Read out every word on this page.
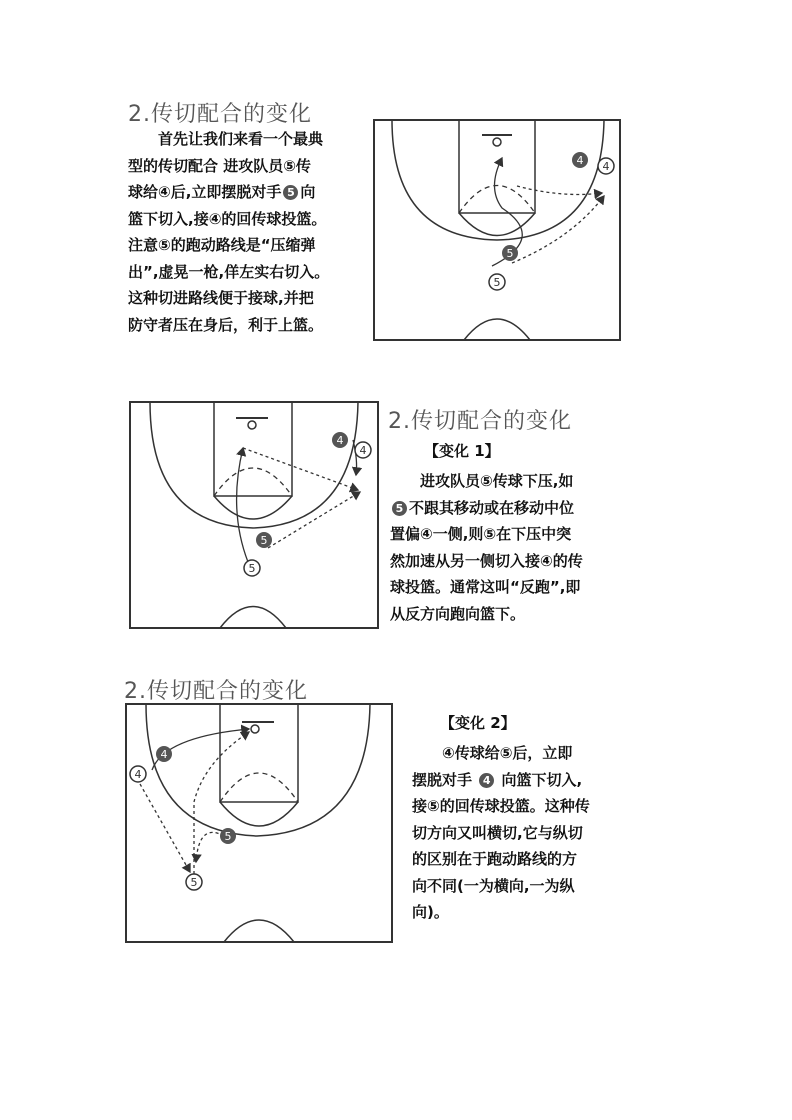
2.传切配合的变化
首先让我们来看一个最典
型的传切配合 进攻队员⑤传
球给④后,立即摆脱对手 5 向
篮下切入,接④的回传球投篮。
注意⑤的跑动路线是“压缩弹
出”,虚晃一枪,佯左实右切入。
这种切进路线便于接球,并把
防守者压在身后，利于上篮。
4 4
5
5
4
4
5
5
2.传切配合的变化
【变化 1】
进攻队员⑤传球下压,如
5 不跟其移动或在移动中位
置偏④一侧,则⑤在下压中突
然加速从另一侧切入接④的传
球投篮。通常这叫“反跑”,即
从反方向跑向篮下。
2.传切配合的变化
4
4
5
5
【变化 2】
④传球给⑤后，立即
摆脱对手 4 向篮下切入,
接⑤的回传球投篮。这种传
切方向又叫横切,它与纵切
的区别在于跑动路线的方
向不同(一为横向,一为纵
向)。
